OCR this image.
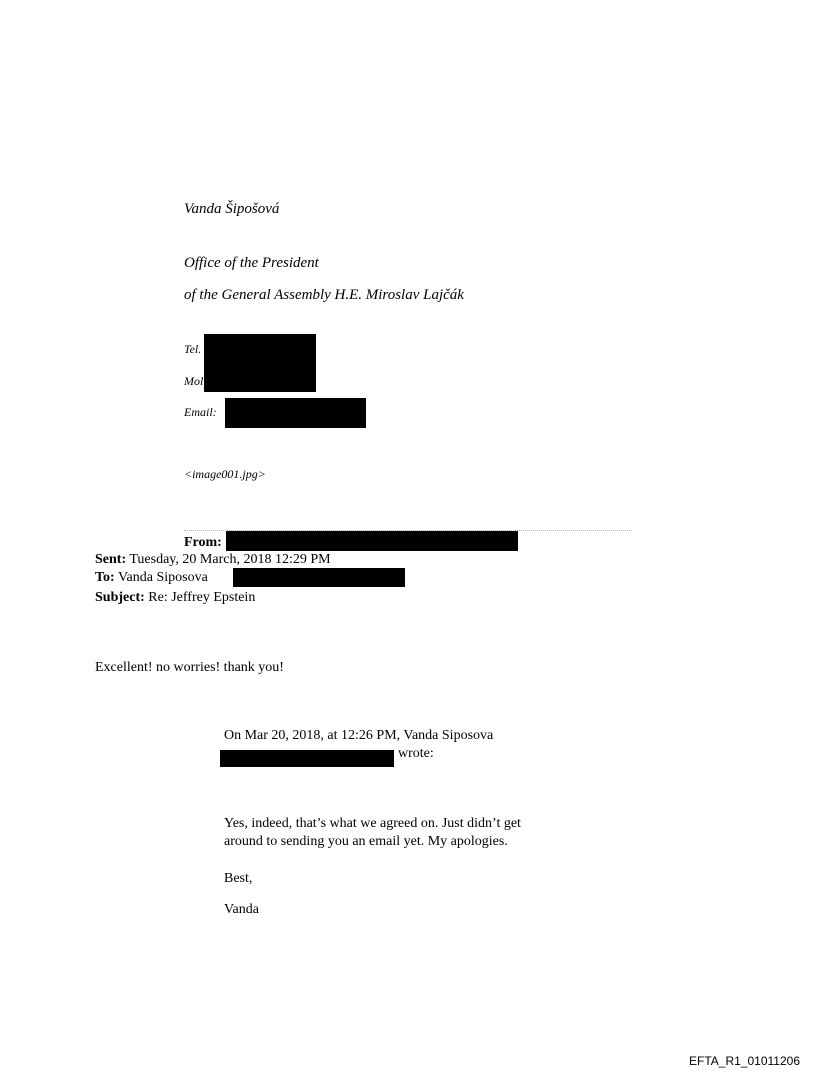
Vanda Šipošová
Office of the President
of the General Assembly H.E. Miroslav Lajčák
Tel.
Mol
Email:
<image001.jpg>
From:
Sent: Tuesday, 20 March, 2018 12:29 PM
To: Vanda Siposova
Subject: Re: Jeffrey Epstein
Excellent! no worries! thank you!
On Mar 20, 2018, at 12:26 PM, Vanda Siposova
wrote:
Yes, indeed, that’s what we agreed on. Just didn’t get
around to sending you an email yet. My apologies.
Best,
Vanda
EFTA_R1_01011206
